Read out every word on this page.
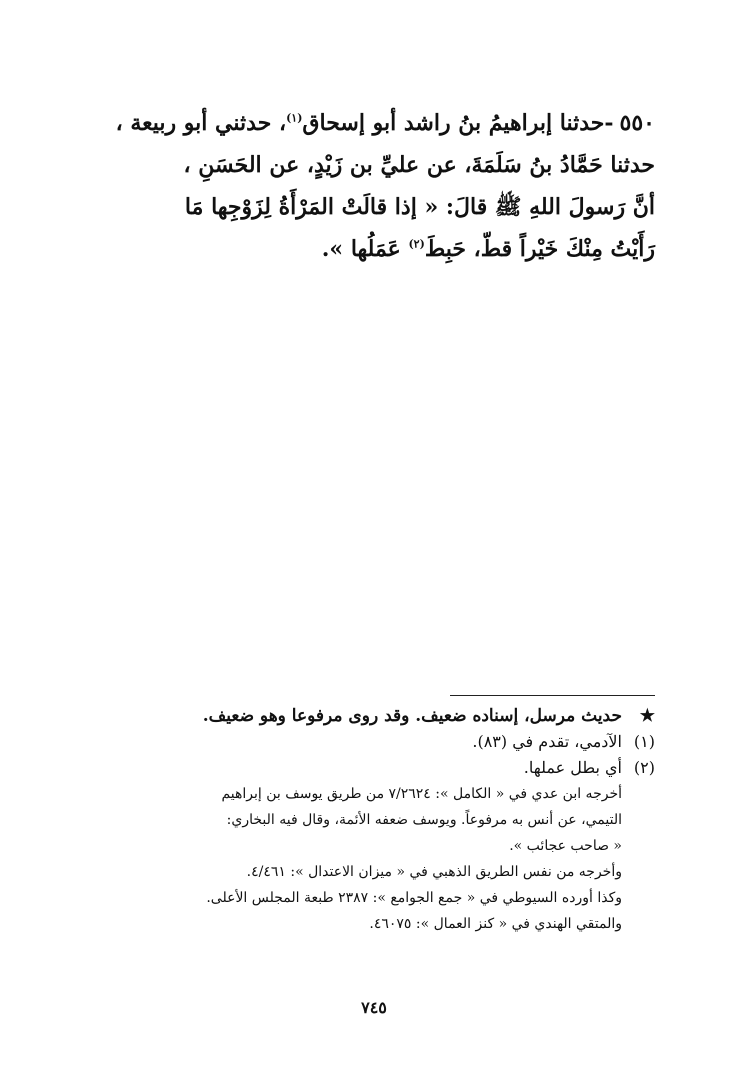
٥٥٠-حدثنا إبراهيمُ بنُ راشد أبو إسحاق$^{(١)}$، حدثني أبو ربيعة ،
حدثنا حَمَّادُ بنُ سَلَمَةَ، عن عليِّ بن زَيْدٍ، عن الحَسَنِ ،
أنَّ رَسولَ اللهِ ﷺ قالَ: « إذا قالَتْ المَرْأَةُ لِزَوْجِها مَا
رَأَيْتُ مِنْكَ خَيْراً قطّ، حَبِطَ$^{(٢)}$ عَمَلُها ».
★حديث مرسل، إسناده ضعيف. وقد روى مرفوعا وهو ضعيف.
(١)الآدمي، تقدم في (٨٣).
(٢)أي بطل عملها.
أخرجه ابن عدي في « الكامل »: ٧/٢٦٢٤ من طريق يوسف بن إبراهيم
التيمي، عن أنس به مرفوعاً. ويوسف ضعفه الأئمة، وقال فيه البخاري:
« صاحب عجائب ».
وأخرجه من نفس الطريق الذهبي في « ميزان الاعتدال »: ٤/٤٦١.
وكذا أورده السيوطي في « جمع الجوامع »: ٢٣٨٧ طبعة المجلس الأعلى.
والمتقي الهندي في « كنز العمال »: ٤٦٠٧٥.
٧٤٥
